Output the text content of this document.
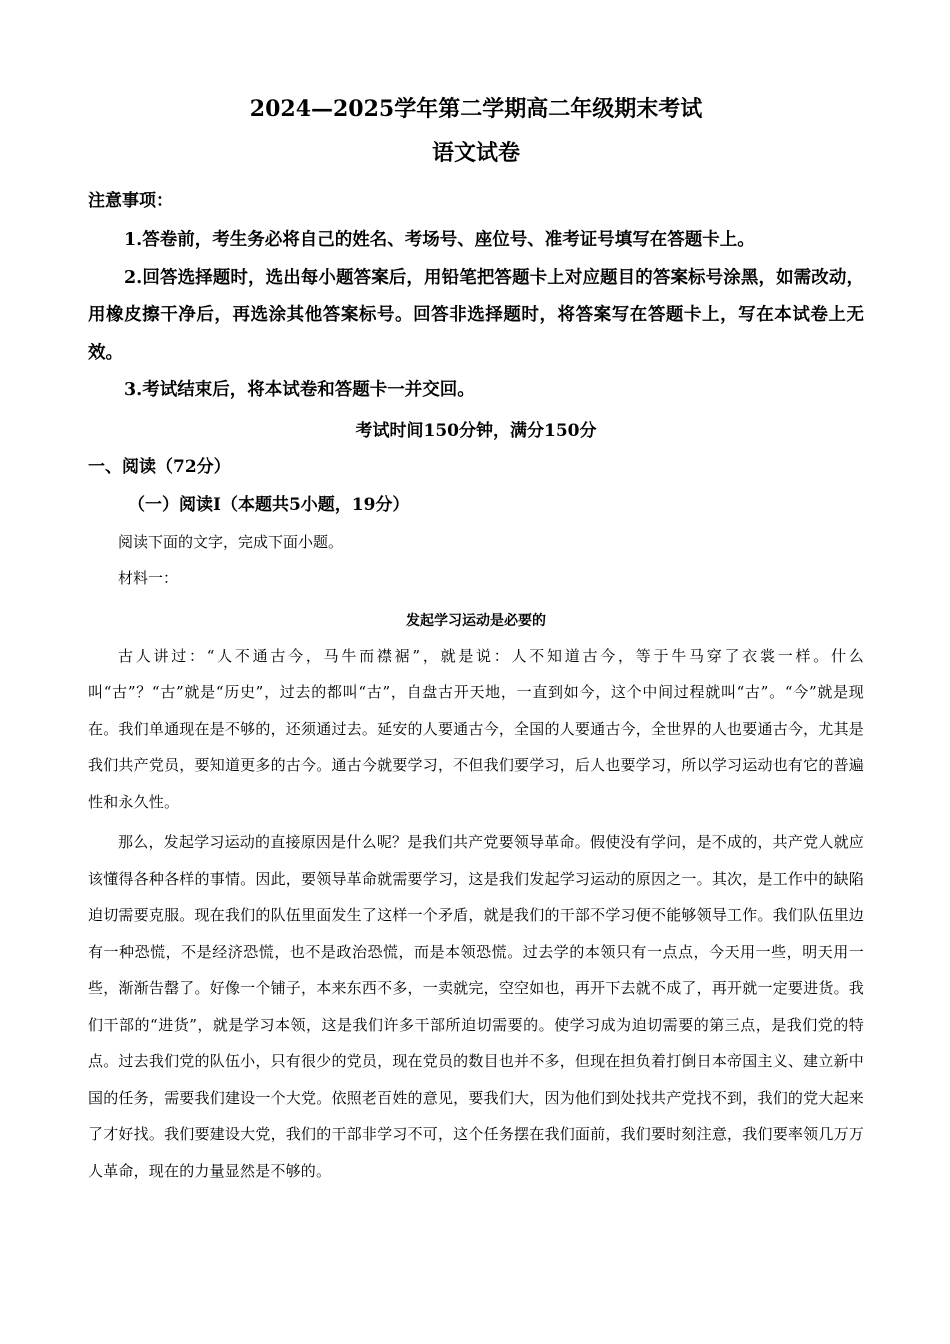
2024—2025学年第二学期高二年级期末考试
语文试卷
注意事项：

1.答卷前，考生务必将自己的姓名、考场号、座位号、准考证号填写在答题卡上。

2.回答选择题时，选出每小题答案后，用铅笔把答题卡上对应题目的答案标号涂黑，如需改动，用橡皮擦干净后，再选涂其他答案标号。回答非选择题时，将答案写在答题卡上，写在本试卷上无效。

3.考试结束后，将本试卷和答题卡一并交回。

考试时间150分钟，满分150分
一、阅读（72分）
（一）阅读Ⅰ（本题共5小题，19分）
阅读下面的文字，完成下面小题。
材料一：
发起学习运动是必要的

古人讲过：“人不通古今，马牛而襟裾”，就是说：人不知道古今，等于牛马穿了衣裳一样。什么叫“古”？“古”就是“历史”，过去的都叫“古”，自盘古开天地，一直到如今，这个中间过程就叫“古”。“今”就是现在。我们单通现在是不够的，还须通过去。延安的人要通古今，全国的人要通古今，全世界的人也要通古今，尤其是我们共产党员，要知道更多的古今。通古今就要学习，不但我们要学习，后人也要学习，所以学习运动也有它的普遍性和永久性。

那么，发起学习运动的直接原因是什么呢？是我们共产党要领导革命。假使没有学问，是不成的，共产党人就应该懂得各种各样的事情。因此，要领导革命就需要学习，这是我们发起学习运动的原因之一。其次，是工作中的缺陷迫切需要克服。现在我们的队伍里面发生了这样一个矛盾，就是我们的干部不学习便不能够领导工作。我们队伍里边有一种恐慌，不是经济恐慌，也不是政治恐慌，而是本领恐慌。过去学的本领只有一点点，今天用一些，明天用一些，渐渐告罄了。好像一个铺子，本来东西不多，一卖就完，空空如也，再开下去就不成了，再开就一定要进货。我们干部的“进货”，就是学习本领，这是我们许多干部所迫切需要的。使学习成为迫切需要的第三点，是我们党的特点。过去我们党的队伍小，只有很少的党员，现在党员的数目也并不多，但现在担负着打倒日本帝国主义、建立新中国的任务，需要我们建设一个大党。依照老百姓的意见，要我们大，因为他们到处找共产党找不到，我们的党大起来了才好找。我们要建设大党，我们的干部非学习不可，这个任务摆在我们面前，我们要时刻注意，我们要率领几万万人革命，现在的力量显然是不够的。
